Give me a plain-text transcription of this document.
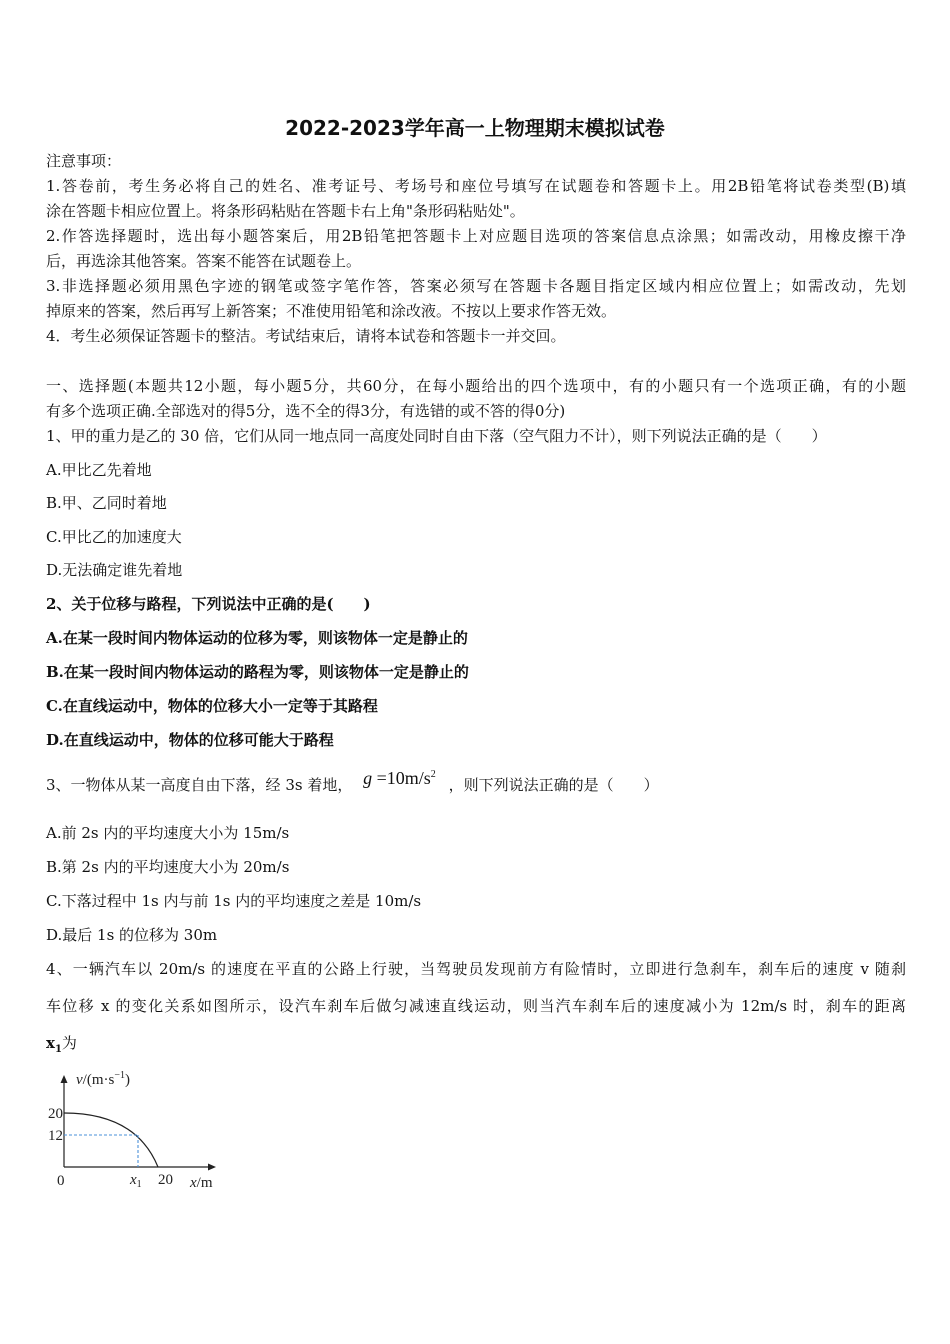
2022-2023学年高一上物理期末模拟试卷
注意事项：
1.答卷前，考生务必将自己的姓名、准考证号、考场号和座位号填写在试题卷和答题卡上。用2B铅笔将试卷类型(B)填
涂在答题卡相应位置上。将条形码粘贴在答题卡右上角"条形码粘贴处"。
2.作答选择题时，选出每小题答案后，用2B铅笔把答题卡上对应题目选项的答案信息点涂黑；如需改动，用橡皮擦干净
后，再选涂其他答案。答案不能答在试题卷上。
3.非选择题必须用黑色字迹的钢笔或签字笔作答，答案必须写在答题卡各题目指定区域内相应位置上；如需改动，先划
掉原来的答案，然后再写上新答案；不准使用铅笔和涂改液。不按以上要求作答无效。
4．考生必须保证答题卡的整洁。考试结束后，请将本试卷和答题卡一并交回。
一、选择题(本题共12小题，每小题5分，共60分，在每小题给出的四个选项中，有的小题只有一个选项正确，有的小题
有多个选项正确.全部选对的得5分，选不全的得3分，有选错的或不答的得0分)
1、甲的重力是乙的 30 倍，它们从同一地点同一高度处同时自由下落（空气阻力不计），则下列说法正确的是（　　）
A.甲比乙先着地
B.甲、乙同时着地
C.甲比乙的加速度大
D.无法确定谁先着地
2、关于位移与路程，下列说法中正确的是(　　)
A.在某一段时间内物体运动的位移为零，则该物体一定是静止的
B.在某一段时间内物体运动的路程为零，则该物体一定是静止的
C.在直线运动中，物体的位移大小一定等于其路程
D.在直线运动中，物体的位移可能大于路程
3、一物体从某一高度自由下落，经 3s 着地， $g =10m/s^2$ ，则下列说法正确的是（　　）
A.前 2s 内的平均速度大小为 15m/s
B.第 2s 内的平均速度大小为 20m/s
C.下落过程中 1s 内与前 1s 内的平均速度之差是 10m/s
D.最后 1s 的位移为 30m
4、一辆汽车以 20m/s 的速度在平直的公路上行驶，当驾驶员发现前方有险情时，立即进行急刹车，刹车后的速度 v 随刹
车位移 x 的变化关系如图所示，设汽车刹车后做匀减速直线运动，则当汽车刹车后的速度减小为 12m/s 时，刹车的距离
$x_1$为
$v/(m\cdot s^{-1})$
20
12
0	$x_1$ 20 x/m
